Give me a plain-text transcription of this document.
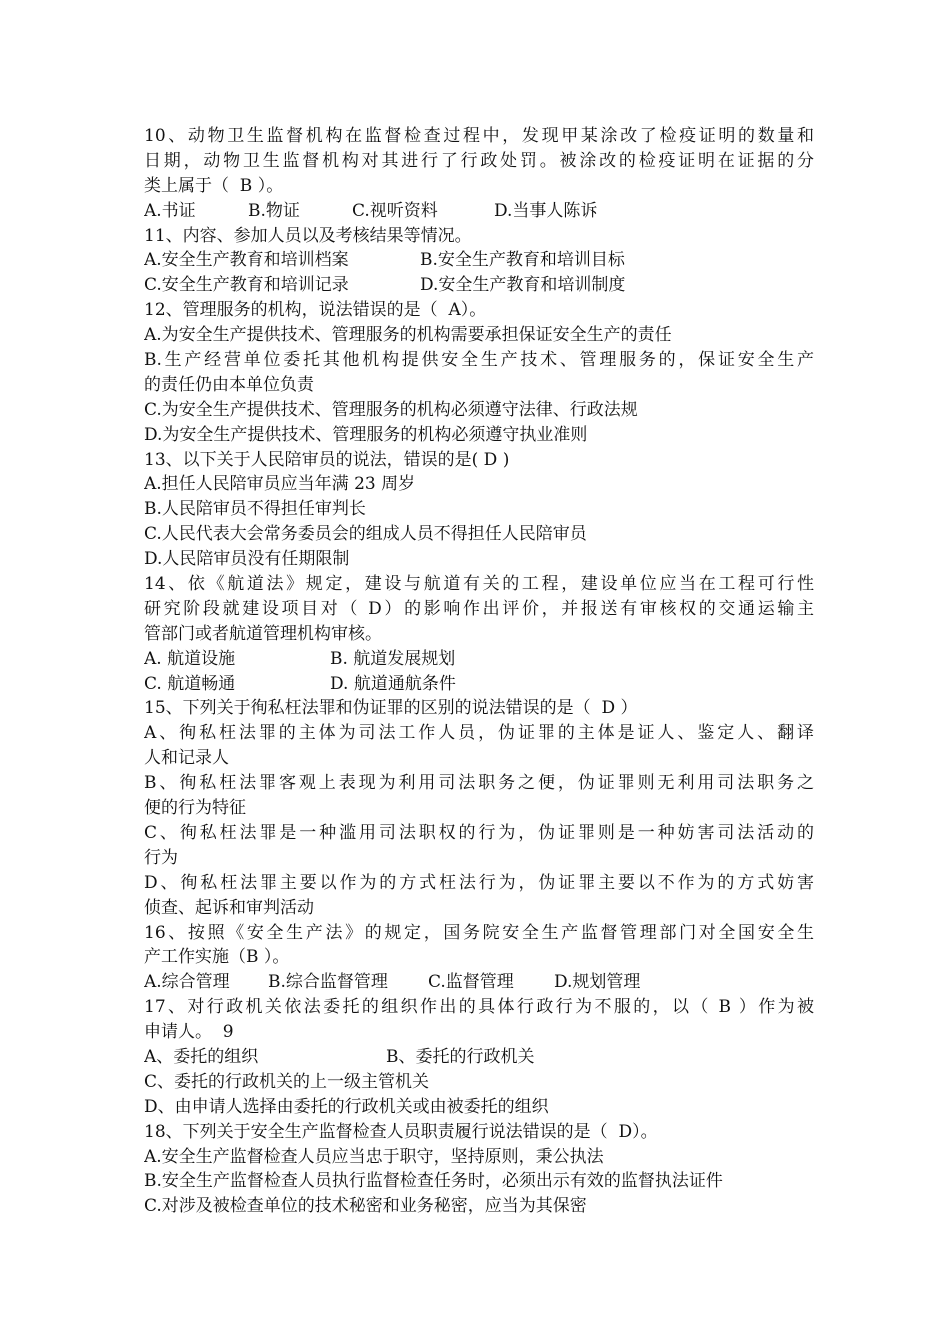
10、动物卫生监督机构在监督检查过程中，发现甲某涂改了检疫证明的数量和
日期，动物卫生监督机构对其进行了行政处罚。被涂改的检疫证明在证据的分
类上属于（  B ）。
A.书证	B.物证	C.视听资料	D.当事人陈诉
11、内容、参加人员以及考核结果等情况。
A.安全生产教育和培训档案	B.安全生产教育和培训目标
C.安全生产教育和培训记录	D.安全生产教育和培训制度
12、管理服务的机构，说法错误的是（  A）。
A.为安全生产提供技术、管理服务的机构需要承担保证安全生产的责任
B.生产经营单位委托其他机构提供安全生产技术、管理服务的，保证安全生产
的责任仍由本单位负责
C.为安全生产提供技术、管理服务的机构必须遵守法律、行政法规
D.为安全生产提供技术、管理服务的机构必须遵守执业准则
13、以下关于人民陪审员的说法，错误的是( D )
A.担任人民陪审员应当年满 23 周岁
B.人民陪审员不得担任审判长
C.人民代表大会常务委员会的组成人员不得担任人民陪审员
D.人民陪审员没有任期限制
14、依《航道法》规定，建设与航道有关的工程，建设单位应当在工程可行性
研究阶段就建设项目对（ D）的影响作出评价，并报送有审核权的交通运输主
管部门或者航道管理机构审核。
A. 航道设施	B. 航道发展规划
C. 航道畅通	D. 航道通航条件
15、下列关于徇私枉法罪和伪证罪的区别的说法错误的是（  D ）
A、徇私枉法罪的主体为司法工作人员，伪证罪的主体是证人、鉴定人、翻译
人和记录人
B、徇私枉法罪客观上表现为利用司法职务之便，伪证罪则无利用司法职务之
便的行为特征
C、徇私枉法罪是一种滥用司法职权的行为，伪证罪则是一种妨害司法活动的
行为
D、徇私枉法罪主要以作为的方式枉法行为，伪证罪主要以不作为的方式妨害
侦查、起诉和审判活动
16、按照《安全生产法》的规定，国务院安全生产监督管理部门对全国安全生
产工作实施（B ）。
A.综合管理 B.综合监督管理 C.监督管理 D.规划管理
17、对行政机关依法委托的组织作出的具体行政行为不服的，以（ B ）作为被
申请人。  9
A、委托的组织	B、委托的行政机关
C、委托的行政机关的上一级主管机关
D、由申请人选择由委托的行政机关或由被委托的组织
18、下列关于安全生产监督检查人员职责履行说法错误的是（  D）。
A.安全生产监督检查人员应当忠于职守，坚持原则，秉公执法
B.安全生产监督检查人员执行监督检查任务时，必须出示有效的监督执法证件
C.对涉及被检查单位的技术秘密和业务秘密，应当为其保密
